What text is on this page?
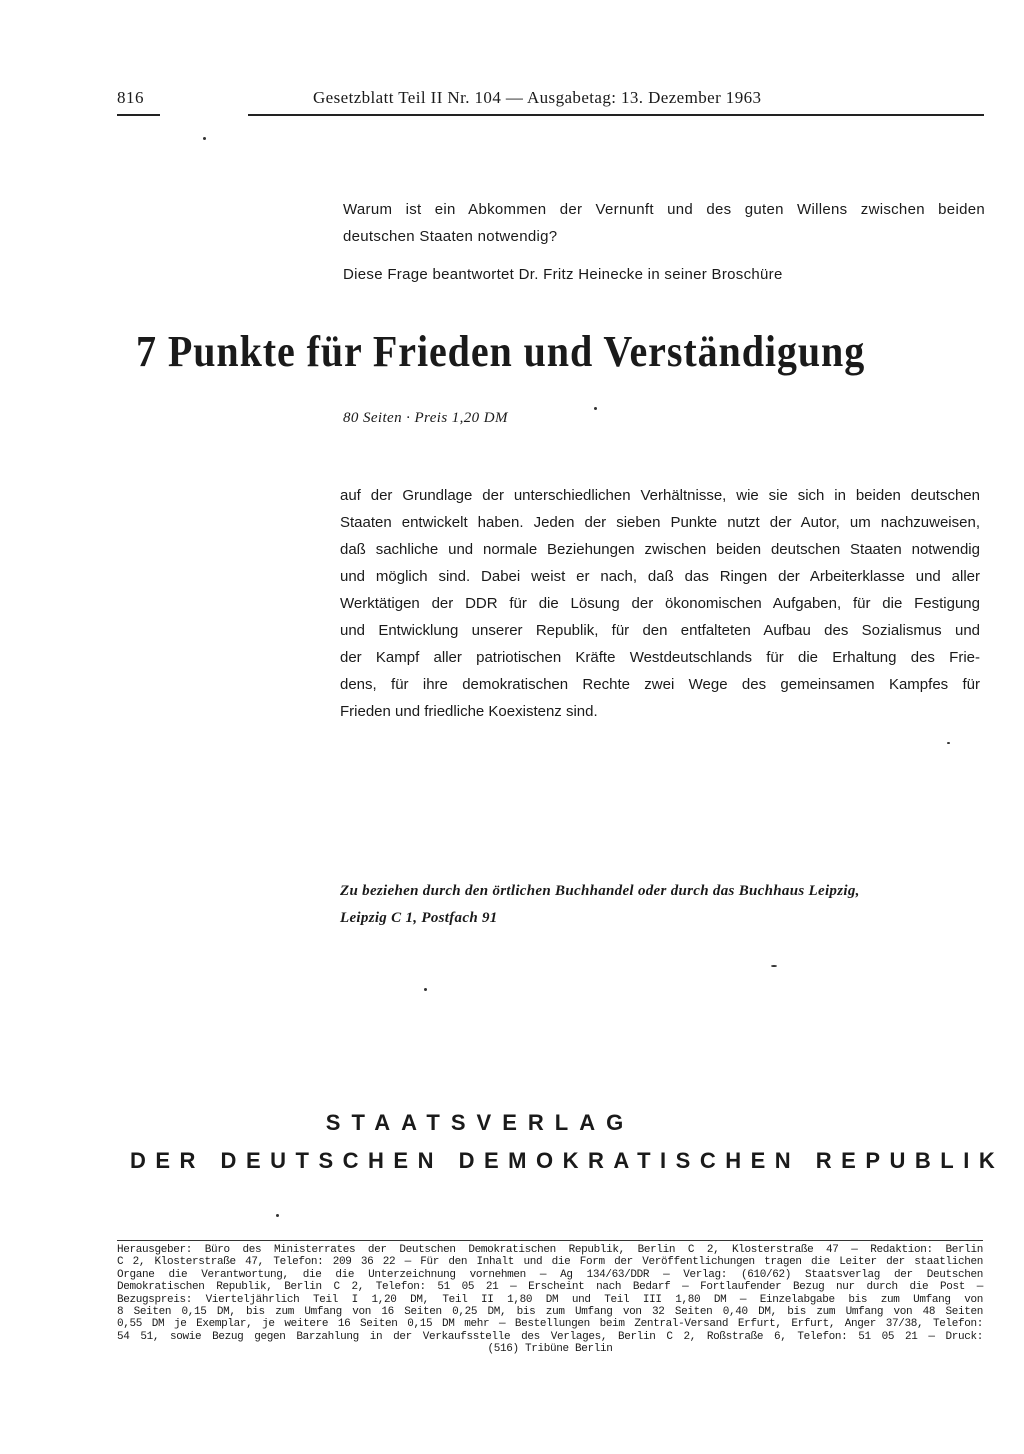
816	Gesetzblatt Teil II Nr. 104 — Ausgabetag: 13. Dezember 1963
Warum ist ein Abkommen der Vernunft und des guten Willens zwischen beiden
deutschen Staaten notwendig?
Diese Frage beantwortet Dr. Fritz Heinecke in seiner Broschüre
7 Punkte für Frieden und Verständigung
80 Seiten · Preis 1,20 DM
auf der Grundlage der unterschiedlichen Verhältnisse, wie sie sich in beiden deutschen
Staaten entwickelt haben. Jeden der sieben Punkte nutzt der Autor, um nachzuweisen,
daß sachliche und normale Beziehungen zwischen beiden deutschen Staaten notwendig
und möglich sind. Dabei weist er nach, daß das Ringen der Arbeiterklasse und aller
Werktätigen der DDR für die Lösung der ökonomischen Aufgaben, für die Festigung
und Entwicklung unserer Republik, für den entfalteten Aufbau des Sozialismus und
der Kampf aller patriotischen Kräfte Westdeutschlands für die Erhaltung des Frie-
dens, für ihre demokratischen Rechte zwei Wege des gemeinsamen Kampfes für
Frieden und friedliche Koexistenz sind.
Zu beziehen durch den örtlichen Buchhandel oder durch das Buchhaus Leipzig,
Leipzig C 1, Postfach 91
STAATSVERLAG
DER DEUTSCHEN DEMOKRATISCHEN REPUBLIK
Herausgeber: Büro des Ministerrates der Deutschen Demokratischen Republik, Berlin C 2, Klosterstraße 47 — Redaktion: Berlin
C 2, Klosterstraße 47, Telefon: 209 36 22 — Für den Inhalt und die Form der Veröffentlichungen tragen die Leiter der staatlichen
Organe die Verantwortung, die die Unterzeichnung vornehmen — Ag 134/63/DDR — Verlag: (610/62) Staatsverlag der Deutschen
Demokratischen Republik, Berlin C 2, Telefon: 51 05 21 — Erscheint nach Bedarf — Fortlaufender Bezug nur durch die Post —
Bezugspreis: Vierteljährlich Teil I 1,20 DM, Teil II 1,80 DM und Teil III 1,80 DM — Einzelabgabe bis zum Umfang von
8 Seiten 0,15 DM, bis zum Umfang von 16 Seiten 0,25 DM, bis zum Umfang von 32 Seiten 0,40 DM, bis zum Umfang von 48 Seiten
0,55 DM je Exemplar, je weitere 16 Seiten 0,15 DM mehr — Bestellungen beim Zentral-Versand Erfurt, Erfurt, Anger 37/38, Telefon:
54 51, sowie Bezug gegen Barzahlung in der Verkaufsstelle des Verlages, Berlin C 2, Roßstraße 6, Telefon: 51 05 21 — Druck:
(516) Tribüne Berlin
